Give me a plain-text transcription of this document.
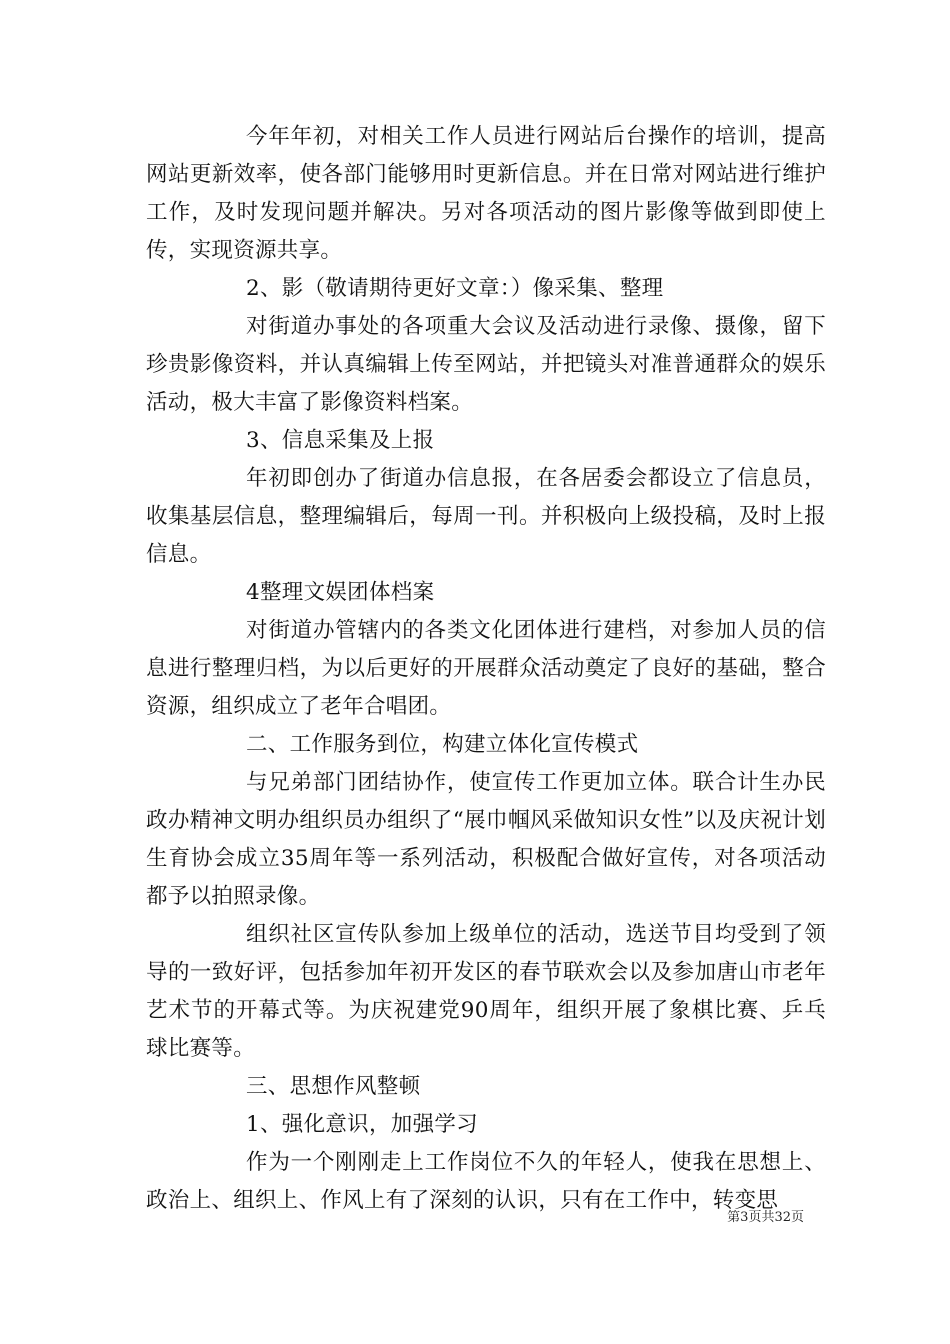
今年年初，对相关工作人员进行网站后台操作的培训，提高网站更新效率，使各部门能够用时更新信息。并在日常对网站进行维护工作，及时发现问题并解决。另对各项活动的图片影像等做到即使上传，实现资源共享。

2、影（敬请期待更好文章：）像采集、整理

对街道办事处的各项重大会议及活动进行录像、摄像，留下珍贵影像资料，并认真编辑上传至网站，并把镜头对准普通群众的娱乐活动，极大丰富了影像资料档案。

3、信息采集及上报

年初即创办了街道办信息报，在各居委会都设立了信息员，收集基层信息，整理编辑后，每周一刊。并积极向上级投稿，及时上报信息。

4整理文娱团体档案

对街道办管辖内的各类文化团体进行建档，对参加人员的信息进行整理归档，为以后更好的开展群众活动奠定了良好的基础，整合资源，组织成立了老年合唱团。

二、工作服务到位，构建立体化宣传模式

与兄弟部门团结协作，使宣传工作更加立体。联合计生办民政办精神文明办组织员办组织了“展巾帼风采做知识女性”以及庆祝计划生育协会成立35周年等一系列活动，积极配合做好宣传，对各项活动都予以拍照录像。

组织社区宣传队参加上级单位的活动，选送节目均受到了领导的一致好评，包括参加年初开发区的春节联欢会以及参加唐山市老年艺术节的开幕式等。为庆祝建党90周年，组织开展了象棋比赛、乒乓球比赛等。

三、思想作风整顿

1、强化意识，加强学习

作为一个刚刚走上工作岗位不久的年轻人，使我在思想上、政治上、组织上、作风上有了深刻的认识，只有在工作中，转变思

第3页共32页
